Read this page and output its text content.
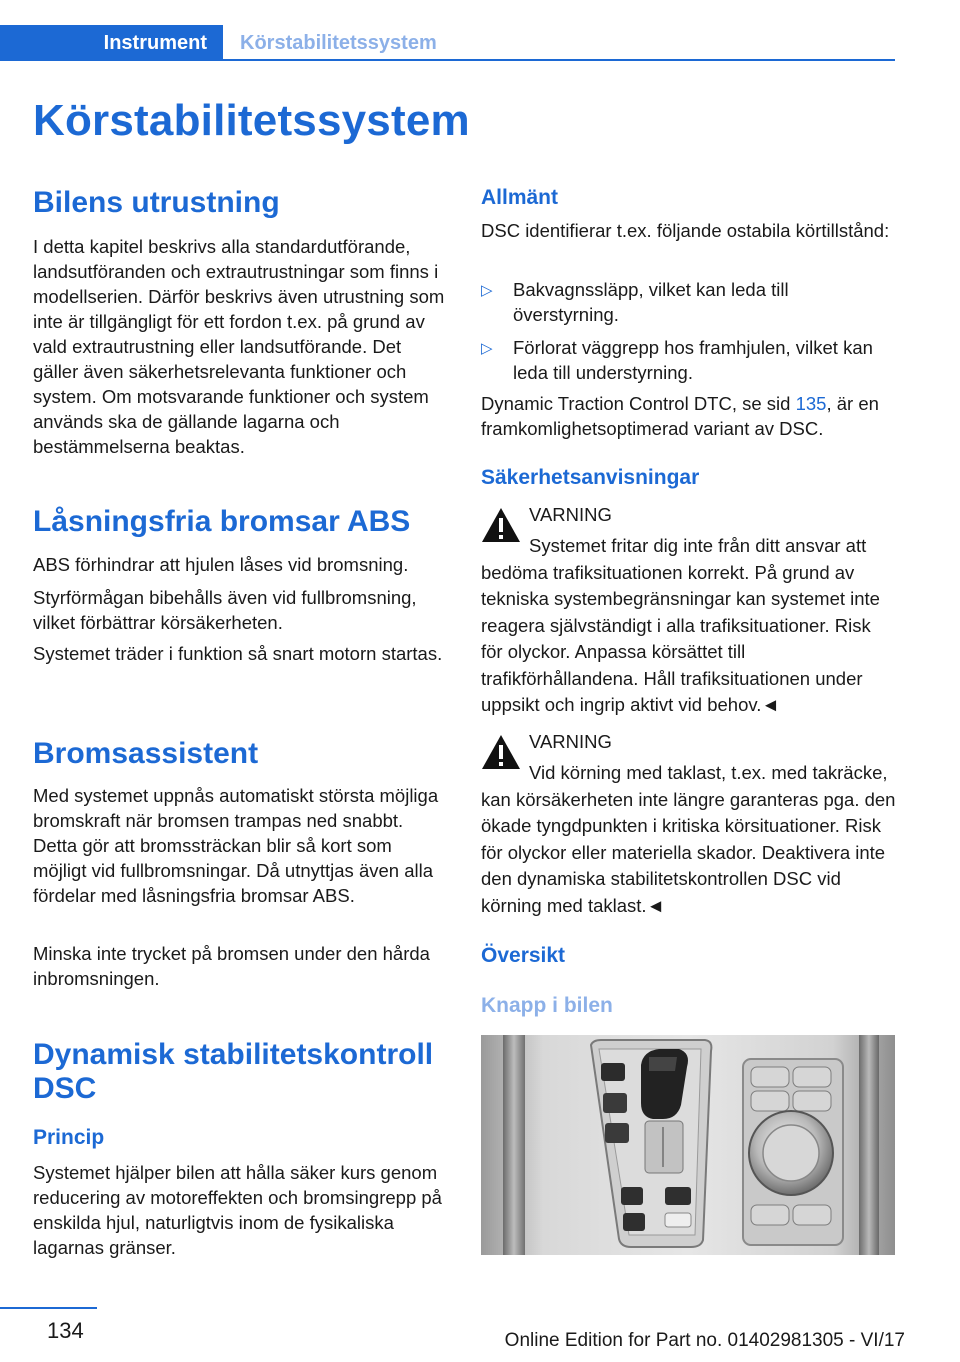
Instrument	Körstabilitetssystem
Körstabilitetssystem
Bilens utrustning

I detta kapitel beskrivs alla standardutförande, landsutföranden och extrautrustningar som finns i modellserien. Därför beskrivs även utrustning som inte är tillgängligt för ett fordon t.ex. på grund av vald extrautrustning eller landsutförande. Det gäller även säkerhetsrelevanta funktioner och system. Om motsvarande funktioner och system används ska de gällande lagarna och bestämmelserna beaktas.

Låsningsfria bromsar ABS

ABS förhindrar att hjulen låses vid bromsning.

Styrförmågan bibehålls även vid fullbromsning, vilket förbättrar körsäkerheten.

Systemet träder i funktion så snart motorn startas.

Bromsassistent

Med systemet uppnås automatiskt största möjliga bromskraft när bromsen trampas ned snabbt. Detta gör att bromssträckan blir så kort som möjligt vid fullbromsningar. Då utnyttjas även alla fördelar med låsningsfria bromsar ABS.

Minska inte trycket på bromsen under den hårda inbromsningen.

Dynamisk stabilitetskontroll DSC
Princip

Systemet hjälper bilen att hålla säker kurs genom reducering av motoreffekten och bromsingrepp på enskilda hjul, naturligtvis inom de fysikaliska lagarnas gränser.

Allmänt

DSC identifierar t.ex. följande ostabila körtillstånd:

▷ Bakvagnssläpp, vilket kan leda till överstyrning.
▷ Förlorat väggrepp hos framhjulen, vilket kan leda till understyrning.

Dynamic Traction Control DTC, se sid 135, är en framkomlighetsoptimerad variant av DSC.

Säkerhetsanvisningar
VARNING

Systemet fritar dig inte från ditt ansvar att bedöma trafiksituationen korrekt. På grund av tekniska systembegränsningar kan systemet inte reagera självständigt i alla trafiksituationer. Risk för olyckor. Anpassa körsättet till trafikförhållandena. Håll trafiksituationen under uppsikt och ingrip aktivt vid behov.◄

VARNING

Vid körning med taklast, t.ex. med takräcke, kan körsäkerheten inte längre garanteras pga. den ökade tyngdpunkten i kritiska körsituationer. Risk för olyckor eller materiella skador. Deaktivera inte den dynamiska stabilitetskontrollen DSC vid körning med taklast.◄

Översikt
Knapp i bilen
134	Online Edition for Part no. 01402981305 - VI/17
